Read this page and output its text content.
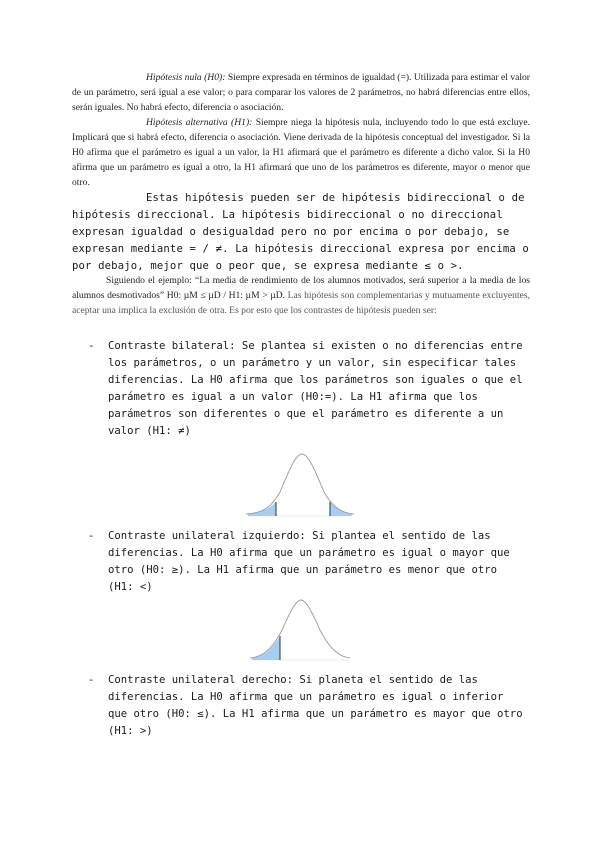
Hipótesis nula (H0): Siempre expresada en términos de igualdad (=). Utilizada para estimar el valor de un parámetro, será igual a ese valor; o para comparar los valores de 2 parámetros, no habrá diferencias entre ellos, serán iguales. No habrá efecto, diferencia o asociación.
Hipótesis alternativa (H1): Siempre niega la hipótesis nula, incluyendo todo lo que está excluye. Implicará que si habrá efecto, diferencia o asociación. Viene derivada de la hipótesis conceptual del investigador. Si la H0 afirma que el parámetro es igual a un valor, la H1 afirmará que el parámetro es diferente a dicho valor. Si la H0 afirma que un parámetro es igual a otro, la H1 afirmará que uno de los parámetros es diferente, mayor o menor que otro.
Estas hipótesis pueden ser de hipótesis bidireccional o de hipótesis direccional. La hipótesis bidireccional o no direccional expresan igualdad o desigualdad pero no por encima o por debajo, se expresan mediante = / ≠. La hipótesis direccional expresa por encima o por debajo, mejor que o peor que, se expresa mediante ≤ o >.
Siguiendo el ejemplo: “La media de rendimiento de los alumnos motivados, será superior a la media de los alumnos desmotivados” H0: µM ≤ µD / H1: µM > µD. Las hipótesis son complementarias y mutuamente excluyentes, aceptar una implica la exclusión de otra. Es por esto que los contrastes de hipótesis pueden ser:
- Contraste bilateral: Se plantea si existen o no diferencias entre los parámetros, o un parámetro y un valor, sin especificar tales diferencias. La H0 afirma que los parámetros son iguales o que el parámetro es igual a un valor (H0:=). La H1 afirma que los parámetros son diferentes o que el parámetro es diferente a un valor (H1: ≠)
.	.	.
- Contraste unilateral izquierdo: Si plantea el sentido de las diferencias. La H0 afirma que un parámetro es igual o mayor que otro (H0: ≥). La H1 afirma que un parámetro es menor que otro (H1: <)
- Contraste unilateral derecho: Si planeta el sentido de las diferencias. La H0 afirma que un parámetro es igual o inferior que otro (H0: ≤). La H1 afirma que un parámetro es mayor que otro (H1: >)
